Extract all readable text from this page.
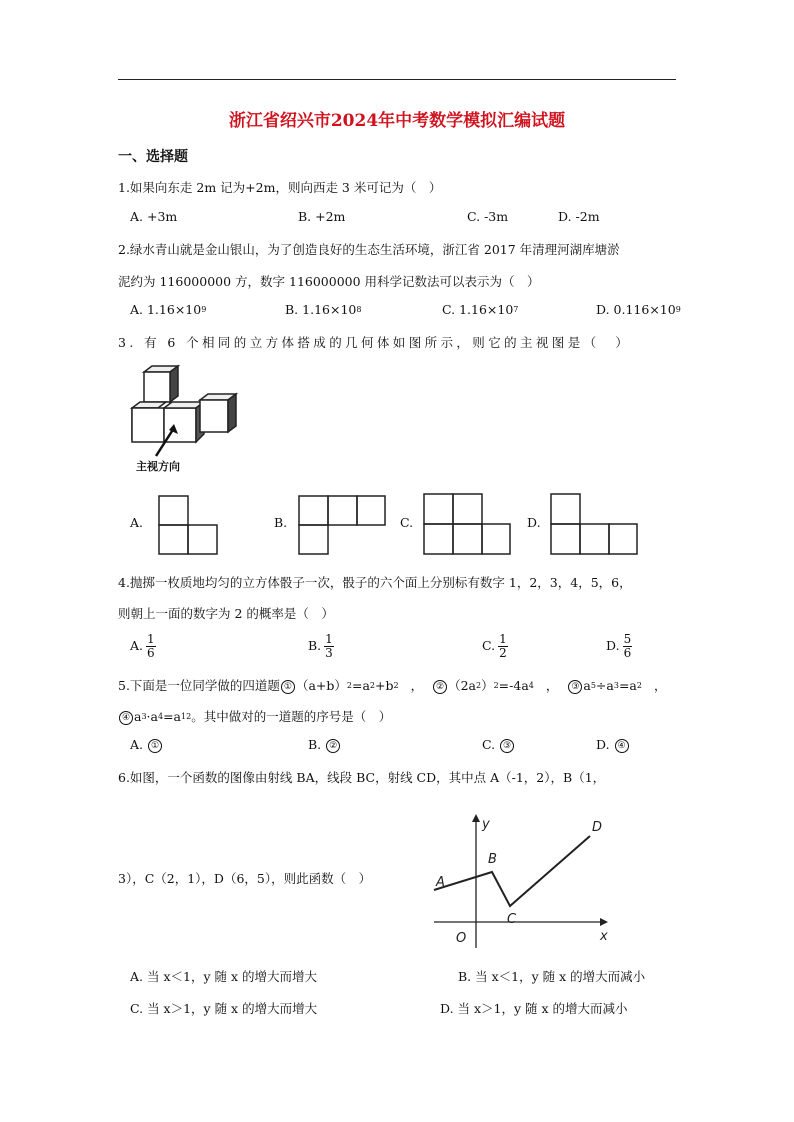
浙江省绍兴市2024年中考数学模拟汇编试题
一、选择题
1.如果向东走 2m 记为+2m，则向西走 3 米可记为（　）
A. +3m	B. +2m	C. -3m	D. -2m
2.绿水青山就是金山银山，为了创造良好的生态生活环境，浙江省 2017 年清理河湖库塘淤
泥约为 116000000 方，数字 116000000 用科学记数法可以表示为（　）
A. $1.16\times 10^9$	B. $1.16\times 10^8$	C. $1.16\times 10^7$	D. $0.116\times 10^9$
3. 有 6 个相同的立方体搭成的几何体如图所示，则它的主视图是（　）
主视方向
A.	B.	C.	D.
4.抛掷一枚质地均匀的立方体骰子一次，骰子的六个面上分别标有数字 1，2，3，4，5，6，
则朝上一面的数字为 2 的概率是（　）
A. $\frac{1}{6}$	B. $\frac{1}{3}$	C. $\frac{1}{2}$	D. $\frac{5}{6}$
5.下面是一位同学做的四道题 ① $(a+b)^2=a^2+b^2$ ， ② $(2a^2)^2=-4a^4$ ， ③ $a^5\div a^3=a^2$ ，
④ $a^3\cdot a^4=a^{12}$。其中做对的一道题的序号是（　）
A. ①	B. ②	C. ③	D. ④
6.如图，一个函数的图像由射线 BA，线段 BC，射线 CD，其中点 A（-1，2），B（1，
3），C（2，1），D（6，5），则此函数（　）
y
x
O
A
B
C
D
A. 当 x＜1，y 随 x 的增大而增大	B. 当 x＜1，y 随 x 的增大而减小
C. 当 x＞1，y 随 x 的增大而增大	D. 当 x＞1，y 随 x 的增大而减小
